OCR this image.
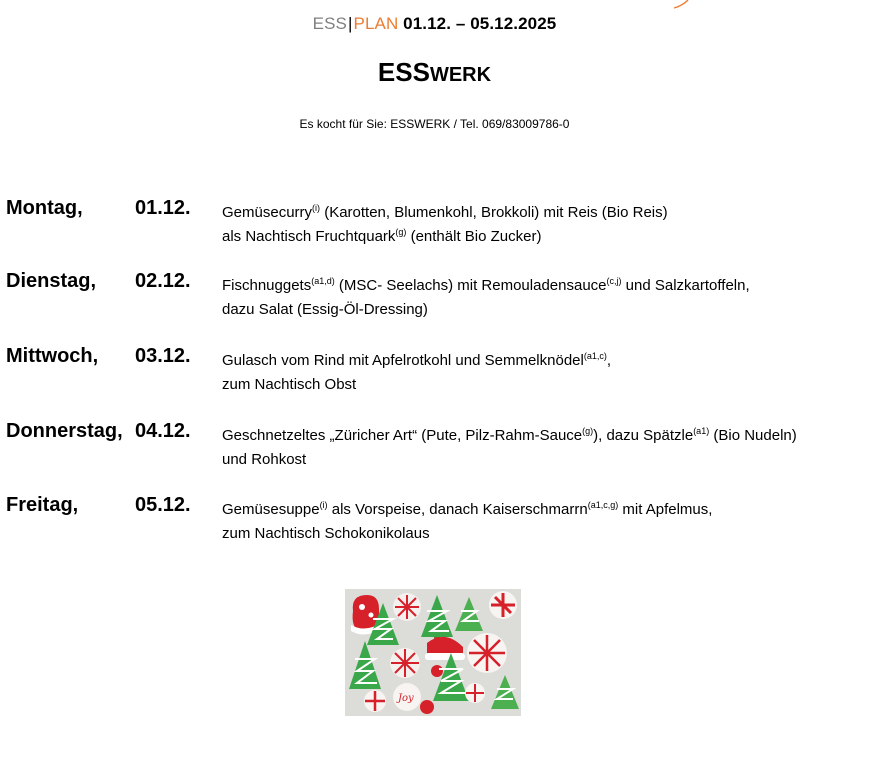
ESS|PLAN 01.12. – 05.12.2025
ESSWERK
Es kocht für Sie: ESSWERK / Tel. 069/83009786-0
Montag,	01.12. Gemüsecurry$^{(i)}$ (Karotten, Blumenkohl, Brokkoli) mit Reis (Bio Reis)
als Nachtisch Fruchtquark$^{(g)}$ (enthält Bio Zucker)
Dienstag, 02.12. Fischnuggets$^{(a1,d)}$ (MSC- Seelachs) mit Remouladensauce$^{(c,j)}$ und Salzkartoffeln,
dazu Salat (Essig-Öl-Dressing)
Mittwoch, 03.12. Gulasch vom Rind mit Apfelrotkohl und Semmelknödel$^{(a1,c)}$,
zum Nachtisch Obst
Donnerstag, 04.12. Geschnetzeltes „Züricher Art“ (Pute, Pilz-Rahm-Sauce$^{(g)}$), dazu Spätzle$^{(a1)}$ (Bio Nudeln)
und Rohkost
Freitag,	05.12. Gemüsesuppe$^{(i)}$ als Vorspeise, danach Kaiserschmarrn$^{(a1,c,g)}$ mit Apfelmus,
zum Nachtisch Schokonikolaus
Joy
